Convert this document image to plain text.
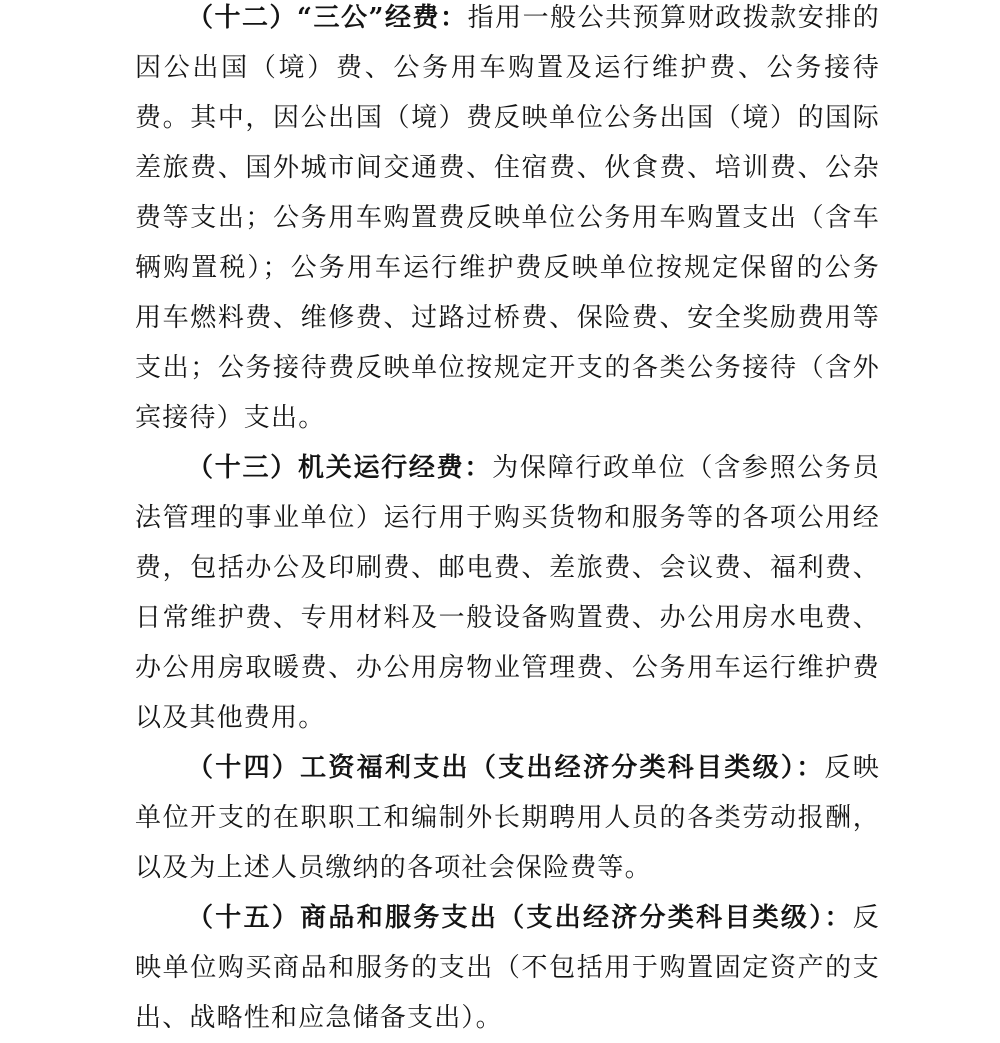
（十二）“三公”经费：指用一般公共预算财政拨款安排的因公出国（境）费、公务用车购置及运行维护费、公务接待费。其中，因公出国（境）费反映单位公务出国（境）的国际差旅费、国外城市间交通费、住宿费、伙食费、培训费、公杂费等支出；公务用车购置费反映单位公务用车购置支出（含车辆购置税）；公务用车运行维护费反映单位按规定保留的公务用车燃料费、维修费、过路过桥费、保险费、安全奖励费用等支出；公务接待费反映单位按规定开支的各类公务接待（含外宾接待）支出。

（十三）机关运行经费：为保障行政单位（含参照公务员法管理的事业单位）运行用于购买货物和服务等的各项公用经费，包括办公及印刷费、邮电费、差旅费、会议费、福利费、日常维护费、专用材料及一般设备购置费、办公用房水电费、办公用房取暖费、办公用房物业管理费、公务用车运行维护费以及其他费用。

（十四）工资福利支出（支出经济分类科目类级）：反映单位开支的在职职工和编制外长期聘用人员的各类劳动报酬，以及为上述人员缴纳的各项社会保险费等。

（十五）商品和服务支出（支出经济分类科目类级）：反映单位购买商品和服务的支出（不包括用于购置固定资产的支出、战略性和应急储备支出）。
